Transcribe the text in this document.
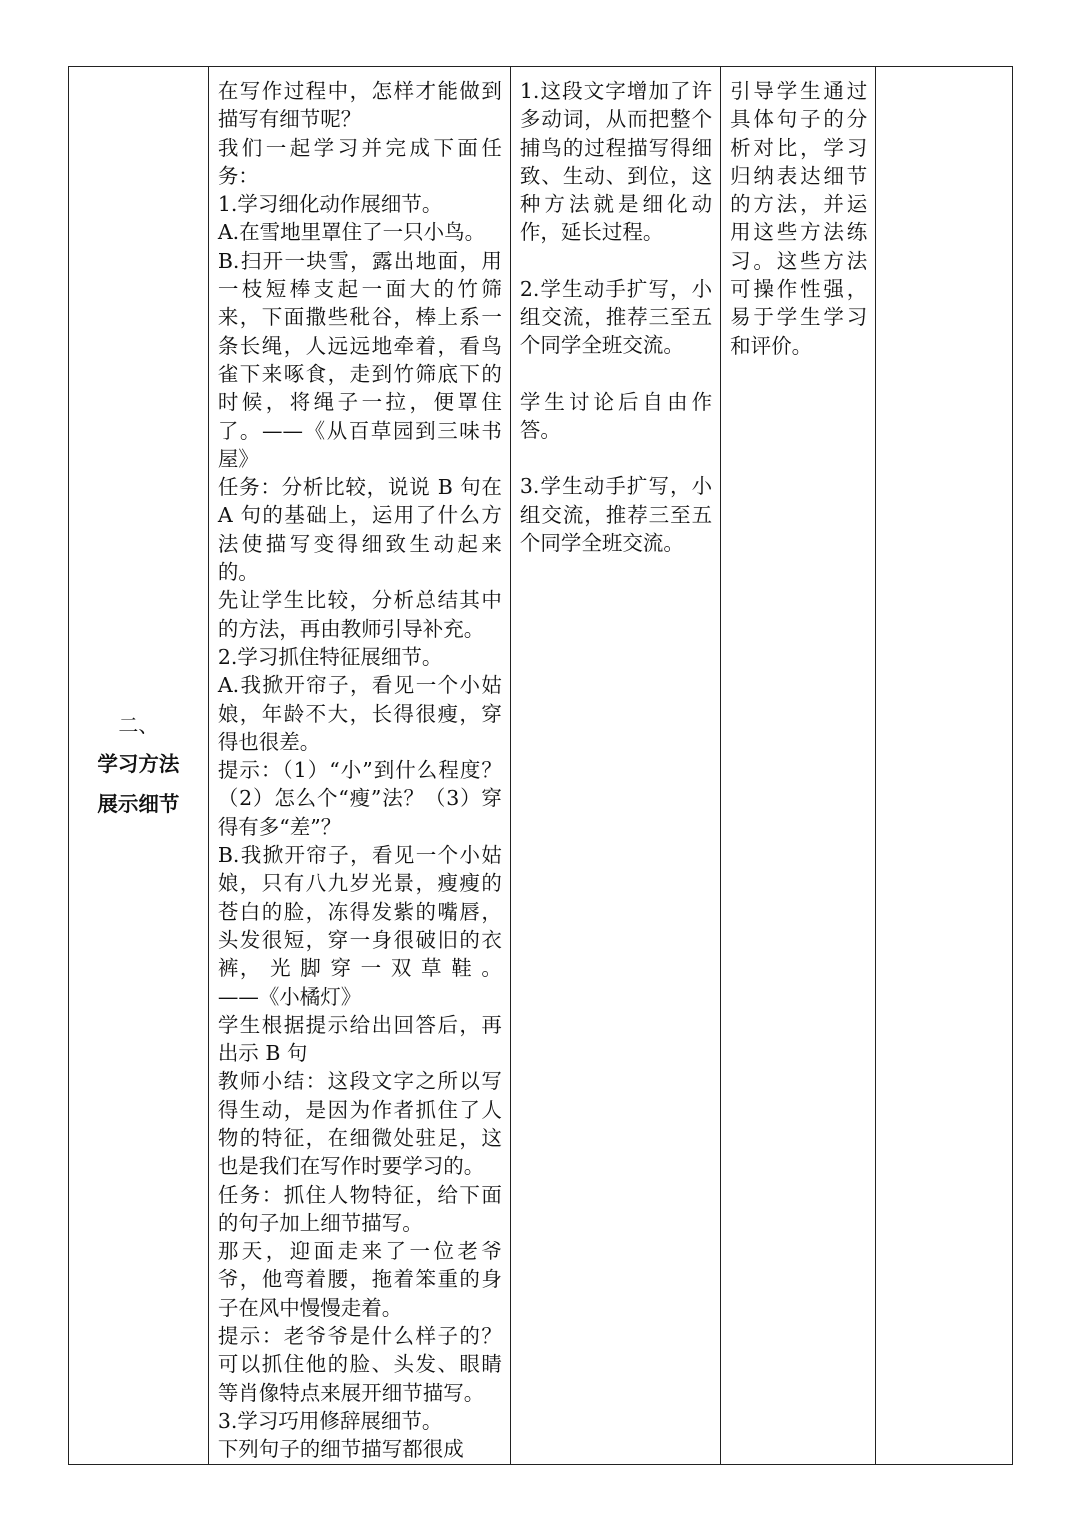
二、
学习方法
展示细节

在写作过程中，怎样才能做到描写有细节呢？
我们一起学习并完成下面任务：
1.学习细化动作展细节。
A.在雪地里罩住了一只小鸟。
B.扫开一块雪，露出地面，用一枝短棒支起一面大的竹筛来，下面撒些秕谷，棒上系一条长绳，人远远地牵着，看鸟雀下来啄食，走到竹筛底下的时候，将绳子一拉，便罩住了。——《从百草园到三味书屋》
任务：分析比较，说说 B 句在 A 句的基础上，运用了什么方法使描写变得细致生动起来的。
先让学生比较，分析总结其中的方法，再由教师引导补充。
2.学习抓住特征展细节。
A.我掀开帘子，看见一个小姑娘，年龄不大，长得很瘦，穿得也很差。
提示：（1）“小”到什么程度？（2）怎么个“瘦”法？（3）穿得有多“差”？
B.我掀开帘子，看见一个小姑娘，只有八九岁光景，瘦瘦的苍白的脸，冻得发紫的嘴唇，头发很短，穿一身很破旧的衣裤， 光 脚 穿 一 双 草 鞋 。——《小橘灯》
学生根据提示给出回答后，再出示 B 句
教师小结：这段文字之所以写得生动，是因为作者抓住了人物的特征，在细微处驻足，这也是我们在写作时要学习的。
任务：抓住人物特征，给下面的句子加上细节描写。
那天，迎面走来了一位老爷爷，他弯着腰，拖着笨重的身子在风中慢慢走着。
提示：老爷爷是什么样子的？可以抓住他的脸、头发、眼睛等肖像特点来展开细节描写。
3.学习巧用修辞展细节。
下列句子的细节描写都很成

1.这段文字增加了许多动词，从而把整个捕鸟的过程描写得细致、生动、到位，这种方法就是细化动作，延长过程。
2.学生动手扩写，小组交流，推荐三至五个同学全班交流。
学生讨论后自由作答。
3.学生动手扩写，小组交流，推荐三至五个同学全班交流。

引导学生通过具体句子的分析对比，学习归纳表达细节的方法，并运用这些方法练习。这些方法可操作性强，易于学生学习和评价。
